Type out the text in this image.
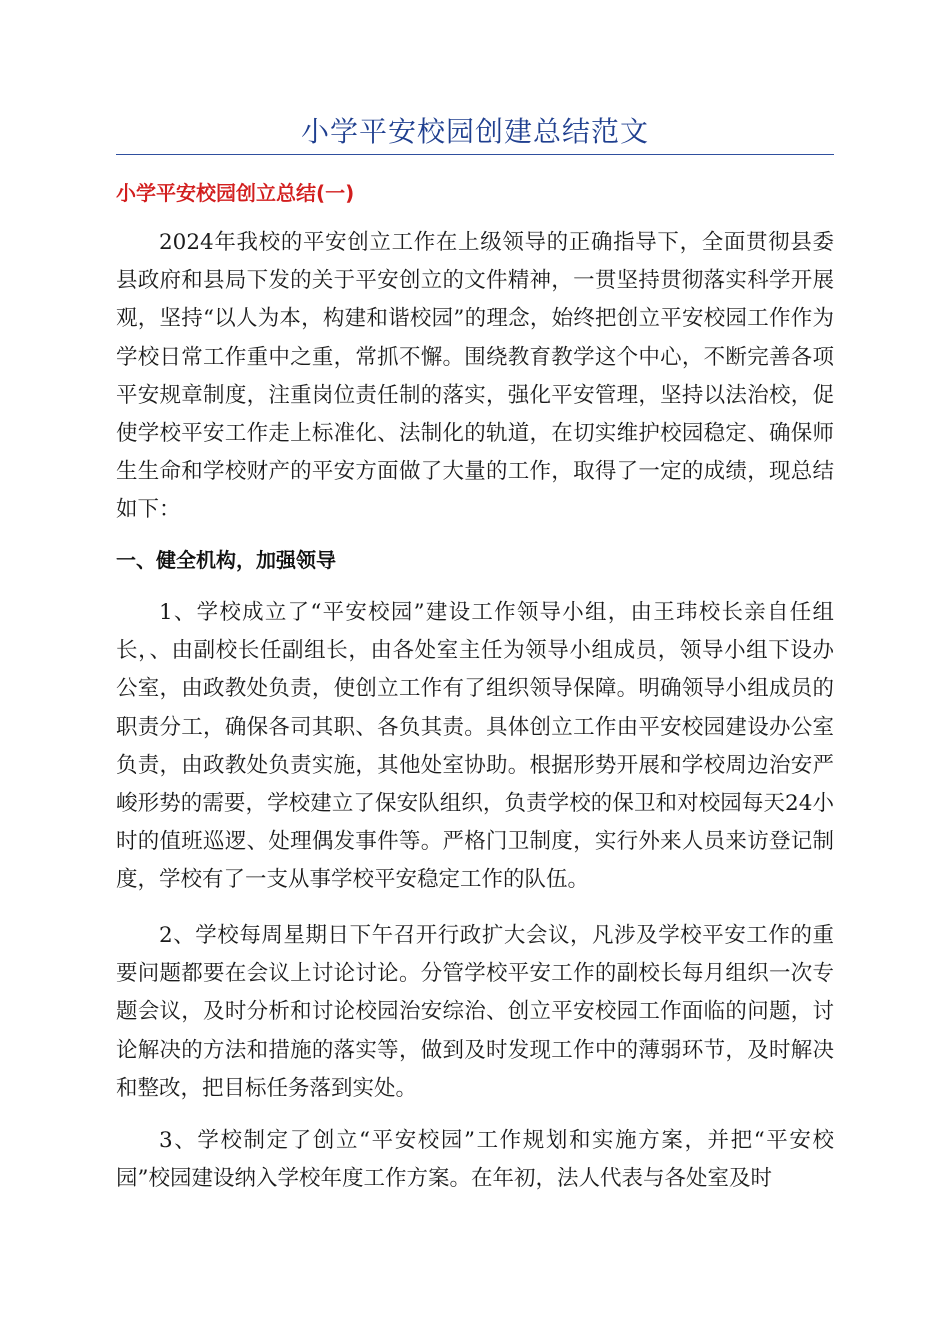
小学平安校园创建总结范文
小学平安校园创立总结(一)

2024年我校的平安创立工作在上级领导的正确指导下，全面贯彻县委县政府和县局下发的关于平安创立的文件精神，一贯坚持贯彻落实科学开展观，坚持“以人为本，构建和谐校园”的理念，始终把创立平安校园工作作为学校日常工作重中之重，常抓不懈。围绕教育教学这个中心，不断完善各项平安规章制度，注重岗位责任制的落实，强化平安管理，坚持以法治校，促使学校平安工作走上标准化、法制化的轨道，在切实维护校园稳定、确保师生生命和学校财产的平安方面做了大量的工作，取得了一定的成绩，现总结如下：

一、健全机构，加强领导

1、学校成立了“平安校园”建设工作领导小组，由王玮校长亲自任组长，、由副校长任副组长，由各处室主任为领导小组成员，领导小组下设办公室，由政教处负责，使创立工作有了组织领导保障。明确领导小组成员的职责分工，确保各司其职、各负其责。具体创立工作由平安校园建设办公室负责，由政教处负责实施，其他处室协助。根据形势开展和学校周边治安严峻形势的需要，学校建立了保安队组织，负责学校的保卫和对校园每天24小时的值班巡逻、处理偶发事件等。严格门卫制度，实行外来人员来访登记制度，学校有了一支从事学校平安稳定工作的队伍。

2、学校每周星期日下午召开行政扩大会议，凡涉及学校平安工作的重要问题都要在会议上讨论讨论。分管学校平安工作的副校长每月组织一次专题会议，及时分析和讨论校园治安综治、创立平安校园工作面临的问题，讨论解决的方法和措施的落实等，做到及时发现工作中的薄弱环节，及时解决和整改，把目标任务落到实处。

3、学校制定了创立“平安校园”工作规划和实施方案，并把“平安校园”校园建设纳入学校年度工作方案。在年初，法人代表与各处室及时
